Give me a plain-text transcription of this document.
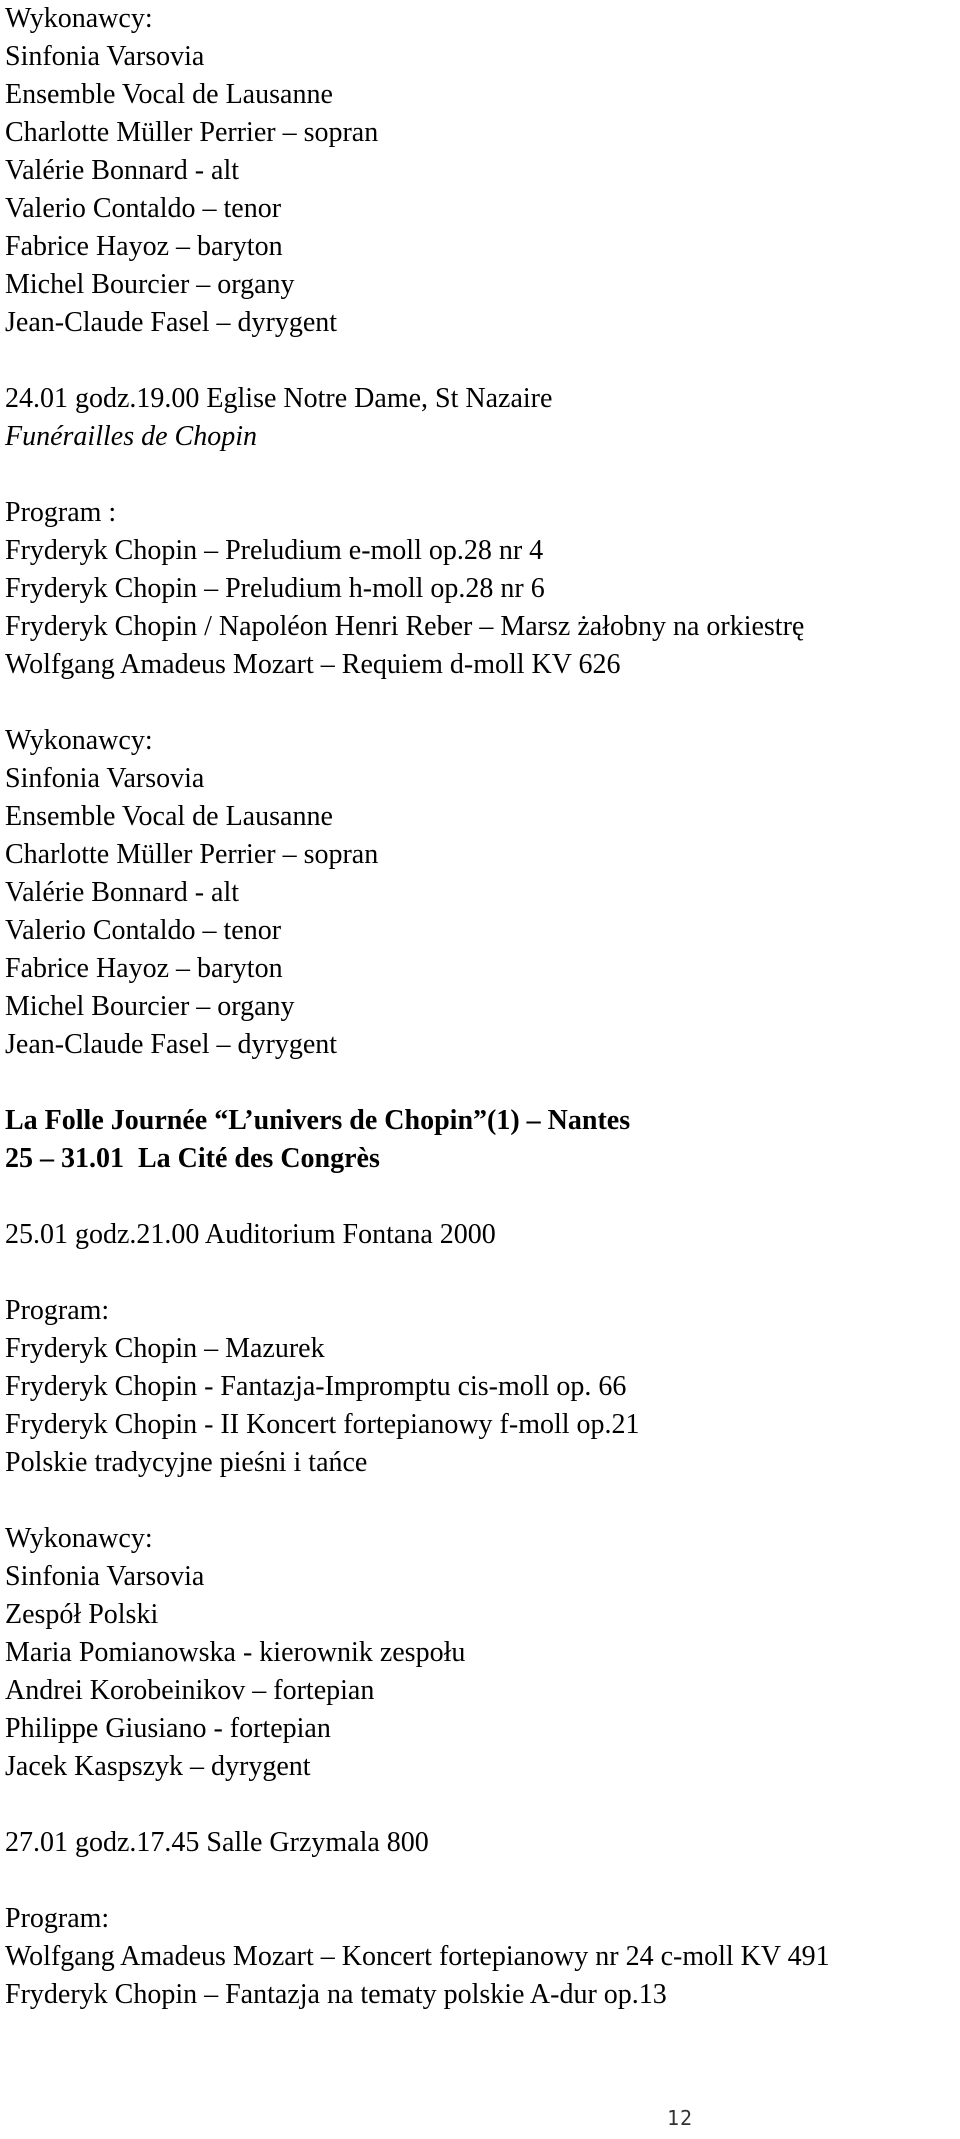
Wykonawcy:
Sinfonia Varsovia
Ensemble Vocal de Lausanne
Charlotte Müller Perrier – sopran
Valérie Bonnard - alt
Valerio Contaldo – tenor
Fabrice Hayoz – baryton
Michel Bourcier – organy
Jean-Claude Fasel – dyrygent
24.01 godz.19.00 Eglise Notre Dame, St Nazaire
Funérailles de Chopin
Program :
Fryderyk Chopin – Preludium e-moll op.28 nr 4
Fryderyk Chopin – Preludium h-moll op.28 nr 6
Fryderyk Chopin / Napoléon Henri Reber – Marsz żałobny na orkiestrę
Wolfgang Amadeus Mozart – Requiem d-moll KV 626
Wykonawcy:
Sinfonia Varsovia
Ensemble Vocal de Lausanne
Charlotte Müller Perrier – sopran
Valérie Bonnard - alt
Valerio Contaldo – tenor
Fabrice Hayoz – baryton
Michel Bourcier – organy
Jean-Claude Fasel – dyrygent
La Folle Journée “L’univers de Chopin”(1) – Nantes
25 – 31.01  La Cité des Congrès
25.01 godz.21.00 Auditorium Fontana 2000
Program:
Fryderyk Chopin – Mazurek
Fryderyk Chopin - Fantazja-Impromptu cis-moll op. 66
Fryderyk Chopin - II Koncert fortepianowy f-moll op.21
Polskie tradycyjne pieśni i tańce
Wykonawcy:
Sinfonia Varsovia
Zespół Polski
Maria Pomianowska - kierownik zespołu
Andrei Korobeinikov – fortepian
Philippe Giusiano - fortepian
Jacek Kaspszyk – dyrygent
27.01 godz.17.45 Salle Grzymala 800
Program:
Wolfgang Amadeus Mozart – Koncert fortepianowy nr 24 c-moll KV 491
Fryderyk Chopin – Fantazja na tematy polskie A-dur op.13
12
